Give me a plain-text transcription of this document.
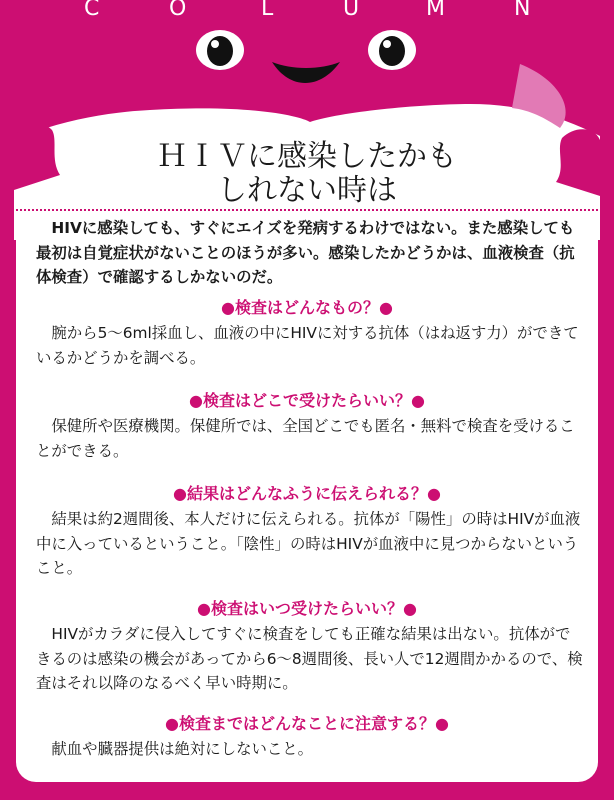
C	O	L	U	M	N
ＨＩＶに感染したかも
しれない時は
HIVに感染しても、すぐにエイズを発病するわけではない。また感染しても最初は自覚症状がないことのほうが多い。感染したかどうかは、血液検査（抗体検査）で確認するしかないのだ。
●検査はどんなもの？●
腕から5〜6ml採血し、血液の中にHIVに対する抗体（はね返す力）ができているかどうかを調べる。
●検査はどこで受けたらいい？●
保健所や医療機関。保健所では、全国どこでも匿名・無料で検査を受けることができる。
●結果はどんなふうに伝えられる？●
結果は約2週間後、本人だけに伝えられる。抗体が「陽性」の時はHIVが血液中に入っているということ。「陰性」の時はHIVが血液中に見つからないということ。
●検査はいつ受けたらいい？●
HIVがカラダに侵入してすぐに検査をしても正確な結果は出ない。抗体ができるのは感染の機会があってから6〜8週間後、長い人で12週間かかるので、検査はそれ以降のなるべく早い時期に。
●検査まではどんなことに注意する？●
献血や臓器提供は絶対にしないこと。
